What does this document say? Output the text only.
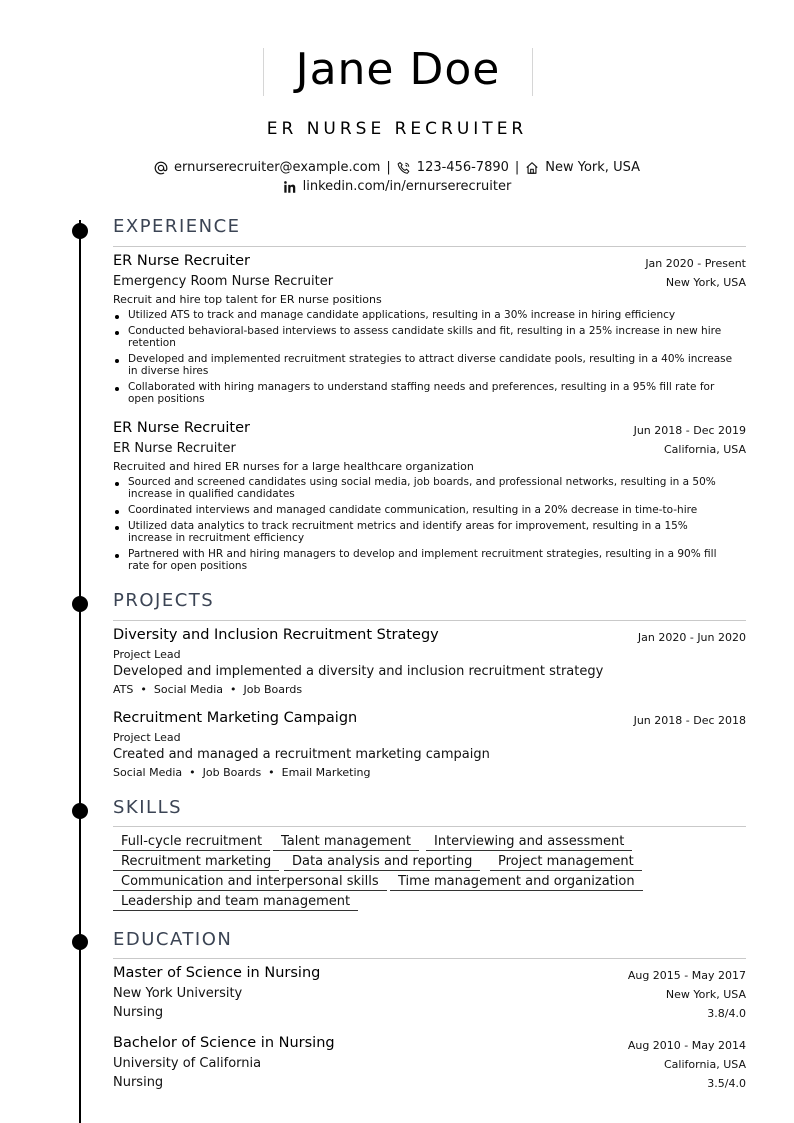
Jane Doe
ER NURSE RECRUITER
ernurserecruiter@example.com | 123-456-7890 | New York, USA
linkedin.com/in/ernurserecruiter
EXPERIENCE
ER Nurse Recruiter	Jan 2020 - Present
Emergency Room Nurse Recruiter	New York, USA
Recruit and hire top talent for ER nurse positions
Utilized ATS to track and manage candidate applications, resulting in a 30% increase in hiring efficiency
Conducted behavioral-based interviews to assess candidate skills and fit, resulting in a 25% increase in new hire retention
Developed and implemented recruitment strategies to attract diverse candidate pools, resulting in a 40% increase in diverse hires
Collaborated with hiring managers to understand staffing needs and preferences, resulting in a 95% fill rate for open positions
ER Nurse Recruiter	Jun 2018 - Dec 2019
ER Nurse Recruiter	California, USA
Recruited and hired ER nurses for a large healthcare organization
Sourced and screened candidates using social media, job boards, and professional networks, resulting in a 50% increase in qualified candidates
Coordinated interviews and managed candidate communication, resulting in a 20% decrease in time-to-hire
Utilized data analytics to track recruitment metrics and identify areas for improvement, resulting in a 15% increase in recruitment efficiency
Partnered with HR and hiring managers to develop and implement recruitment strategies, resulting in a 90% fill rate for open positions
PROJECTS
Diversity and Inclusion Recruitment Strategy	Jan 2020 - Jun 2020
Project Lead
Developed and implemented a diversity and inclusion recruitment strategy
ATS • Social Media • Job Boards
Recruitment Marketing Campaign	Jun 2018 - Dec 2018
Project Lead
Created and managed a recruitment marketing campaign
Social Media • Job Boards • Email Marketing
SKILLS
Full-cycle recruitment	Talent management	Interviewing and assessment
Recruitment marketing	Data analysis and reporting	Project management
Communication and interpersonal skills	Time management and organization
Leadership and team management
EDUCATION
Master of Science in Nursing	Aug 2015 - May 2017
New York University	New York, USA
Nursing	3.8/4.0
Bachelor of Science in Nursing	Aug 2010 - May 2014
University of California	California, USA
Nursing	3.5/4.0
